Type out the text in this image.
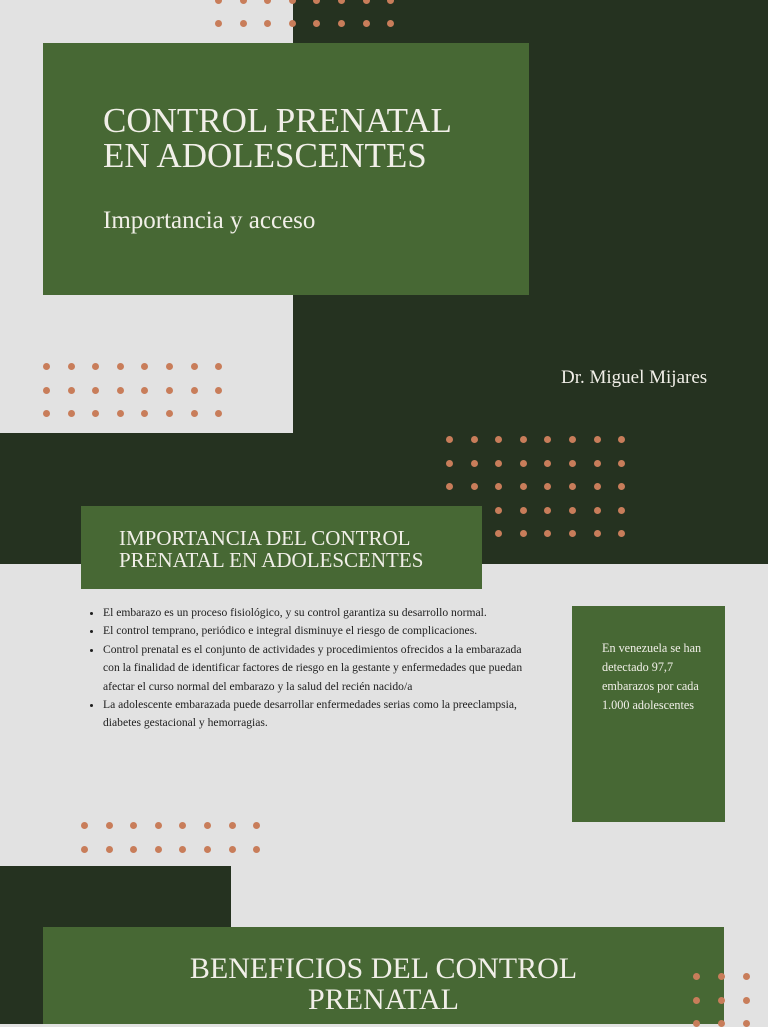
CONTROL PRENATAL
EN ADOLESCENTES
Importancia y acceso
Dr. Miguel Mijares
IMPORTANCIA DEL CONTROL
PRENATAL EN ADOLESCENTES
• El embarazo es un proceso fisiológico, y su control garantiza su desarrollo normal.
• El control temprano, periódico e integral disminuye el riesgo de complicaciones.
• Control prenatal es el conjunto de actividades y procedimientos ofrecidos a la embarazada con la finalidad de identificar factores de riesgo en la gestante y enfermedades que puedan afectar el curso normal del embarazo y la salud del recién nacido/a
• La adolescente embarazada puede desarrollar enfermedades serias como la preeclampsia, diabetes gestacional y hemorragias.
En venezuela se han detectado 97,7 embarazos por cada 1.000 adolescentes
BENEFICIOS DEL CONTROL
PRENATAL
